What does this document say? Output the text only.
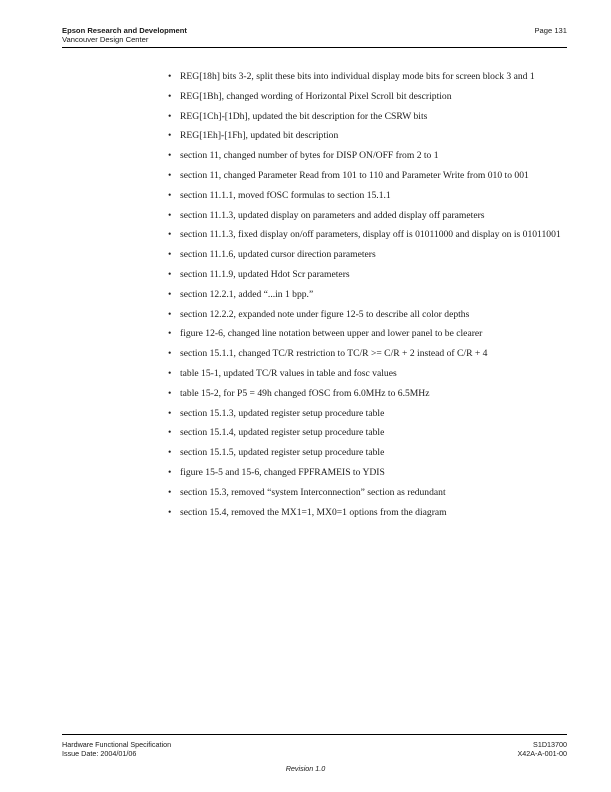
Epson Research and Development
Vancouver Design Center
Page 131
• REG[18h] bits 3-2, split these bits into individual display mode bits for screen block 3 and 1
• REG[1Bh], changed wording of Horizontal Pixel Scroll bit description
• REG[1Ch]-[1Dh], updated the bit description for the CSRW bits
• REG[1Eh]-[1Fh], updated bit description
• section 11, changed number of bytes for DISP ON/OFF from 2 to 1
• section 11, changed Parameter Read from 101 to 110 and Parameter Write from 010 to 001
• section 11.1.1, moved fOSC formulas to section 15.1.1
• section 11.1.3, updated display on parameters and added display off parameters
• section 11.1.3, fixed display on/off parameters, display off is 01011000 and display on is 01011001
• section 11.1.6, updated cursor direction parameters
• section 11.1.9, updated Hdot Scr parameters
• section 12.2.1, added “...in 1 bpp.”
• section 12.2.2, expanded note under figure 12-5 to describe all color depths
• figure 12-6, changed line notation between upper and lower panel to be clearer
• section 15.1.1, changed TC/R restriction to TC/R >= C/R + 2 instead of C/R + 4
• table 15-1, updated TC/R values in table and fosc values
• table 15-2, for P5 = 49h changed fOSC from 6.0MHz to 6.5MHz
• section 15.1.3, updated register setup procedure table
• section 15.1.4, updated register setup procedure table
• section 15.1.5, updated register setup procedure table
• figure 15-5 and 15-6, changed FPFRAMEIS to YDIS
• section 15.3, removed “system Interconnection” section as redundant
• section 15.4, removed the MX1=1, MX0=1 options from the diagram
Hardware Functional Specification
Issue Date: 2004/01/06
S1D13700
X42A-A-001-00
Revision 1.0
